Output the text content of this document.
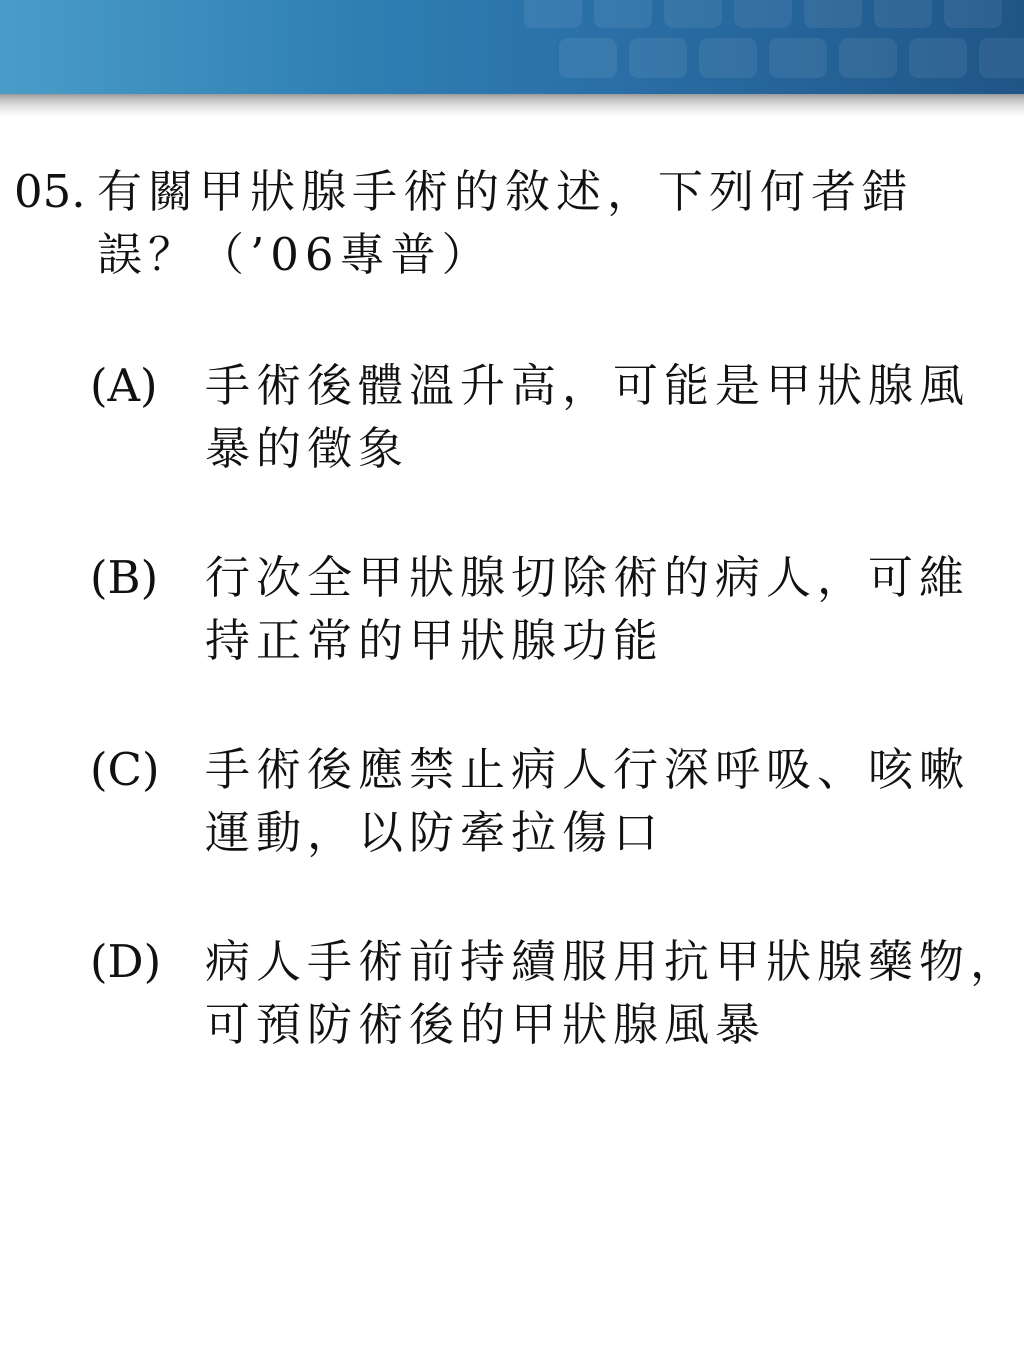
05. 有關甲狀腺手術的敘述，下列何者錯
誤？（’06專普）
(A) 手術後體溫升高，可能是甲狀腺風
暴的徵象
(B) 行次全甲狀腺切除術的病人，可維
持正常的甲狀腺功能
(C) 手術後應禁止病人行深呼吸、咳嗽
運動，以防牽拉傷口
(D) 病人手術前持續服用抗甲狀腺藥物，
可預防術後的甲狀腺風暴
